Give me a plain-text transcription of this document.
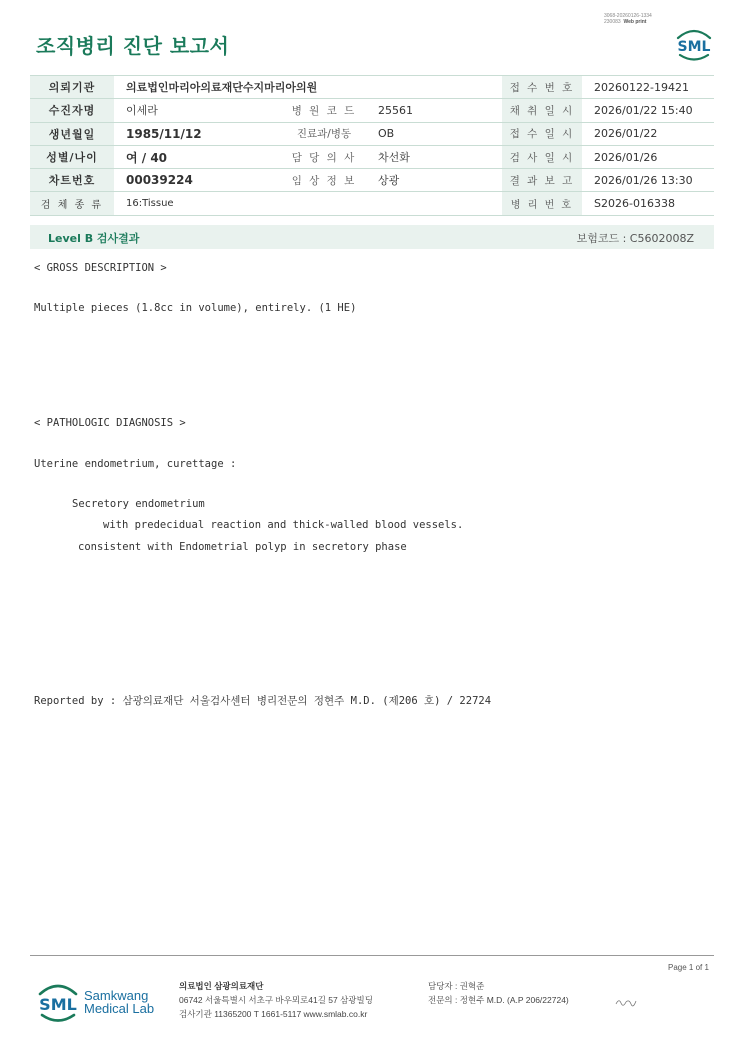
3068-20260126-1334
230083 Web print
조직병리 진단 보고서	SML
의뢰기관	의료법인마리아의료재단수지마리아의원			접 수 번 호	20260122-19421
수진자명	이세라	병 원 코 드	25561	채 취 일 시	2026/01/22 15:40
생년월일	1985/11/12	진료과/병동	OB	접 수 일 시	2026/01/22
성별/나이	여 / 40	담 당 의 사	차선화	검 사 일 시	2026/01/26
차트번호	00039224	임 상 정 보	상광	결 과 보 고	2026/01/26 13:30
검 체 종 류	16:Tissue			병 리 번 호	S2026-016338
Level B 검사결과	보험코드 : C5602008Z
< GROSS DESCRIPTION >
Multiple pieces (1.8cc in volume), entirely. (1 HE)
< PATHOLOGIC DIAGNOSIS >
Uterine endometrium, curettage :
Secretory endometrium
with predecidual reaction and thick-walled blood vessels.
consistent with Endometrial polyp in secretory phase
Reported by : 삼광의료재단 서울검사센터 병리전문의 정현주 M.D. (제206 호) / 22724
Page 1 of 1
SML Samkwang
Medical Lab
의료법인 삼광의료재단
06742 서울특별시 서초구 바우뫼로41길 57 삼광빌딩
검사기관 11365200 T 1661-5117 www.smlab.co.kr
담당자 : 권혁준
전문의 : 정현주 M.D. (A.P 206/22724)
